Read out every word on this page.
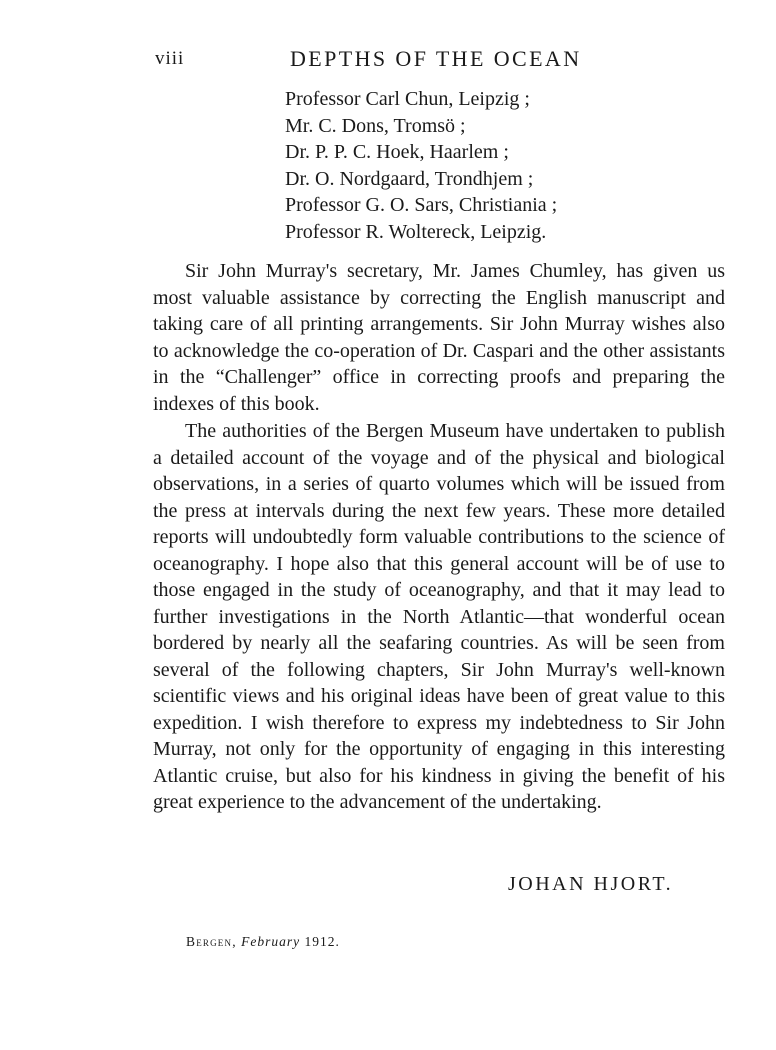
viii	DEPTHS OF THE OCEAN
Professor Carl Chun, Leipzig ;
Mr. C. Dons, Tromsö ;
Dr. P. P. C. Hoek, Haarlem ;
Dr. O. Nordgaard, Trondhjem ;
Professor G. O. Sars, Christiania ;
Professor R. Woltereck, Leipzig.

Sir John Murray's secretary, Mr. James Chumley, has given us most valuable assistance by correcting the English manuscript and taking care of all printing arrangements. Sir John Murray wishes also to acknowledge the co-operation of Dr. Caspari and the other assistants in the “Challenger” office in correcting proofs and preparing the indexes of this book.

The authorities of the Bergen Museum have undertaken to publish a detailed account of the voyage and of the physical and biological observations, in a series of quarto volumes which will be issued from the press at intervals during the next few years. These more detailed reports will undoubtedly form valuable contributions to the science of oceanography. I hope also that this general account will be of use to those engaged in the study of oceanography, and that it may lead to further investigations in the North Atlantic—that wonderful ocean bordered by nearly all the seafaring countries. As will be seen from several of the following chapters, Sir John Murray's well-known scientific views and his original ideas have been of great value to this expedition. I wish therefore to express my indebtedness to Sir John Murray, not only for the opportunity of engaging in this interesting Atlantic cruise, but also for his kindness in giving the benefit of his great experience to the advancement of the undertaking.

JOHAN HJORT.
Bergen, February 1912.
